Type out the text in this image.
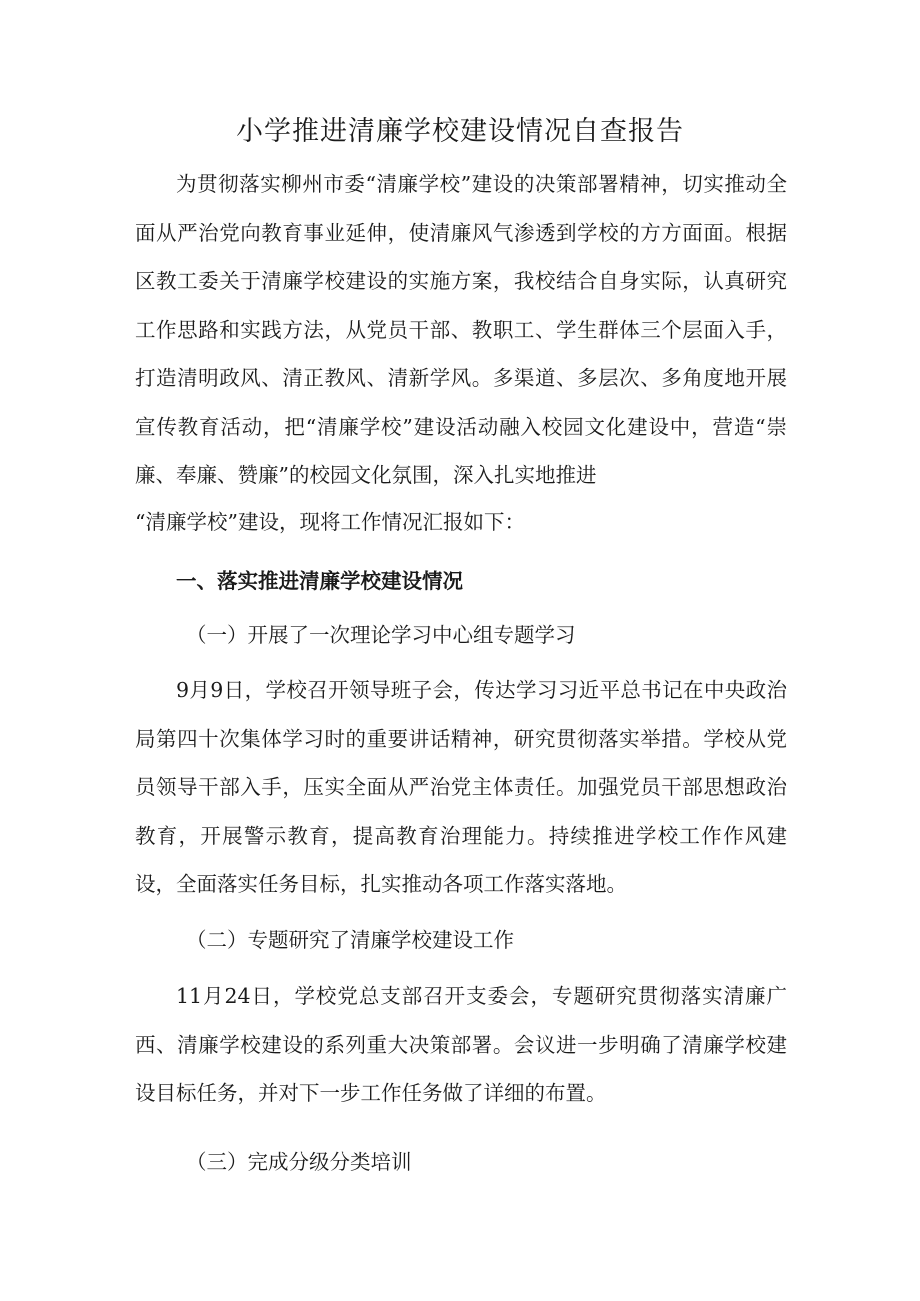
小学推进清廉学校建设情况自查报告

为贯彻落实柳州市委“清廉学校”建设的决策部署精神，切实推动全面从严治党向教育事业延伸，使清廉风气渗透到学校的方方面面。根据区教工委关于清廉学校建设的实施方案，我校结合自身实际，认真研究工作思路和实践方法，从党员干部、教职工、学生群体三个层面入手，打造清明政风、清正教风、清新学风。多渠道、多层次、多角度地开展宣传教育活动，把“清廉学校”建设活动融入校园文化建设中，营造“崇廉、奉廉、赞廉”的校园文化氛围，深入扎实地推进

“清廉学校”建设，现将工作情况汇报如下：
一、落实推进清廉学校建设情况
（一）开展了一次理论学习中心组专题学习

9月9日，学校召开领导班子会，传达学习习近平总书记在中央政治局第四十次集体学习时的重要讲话精神，研究贯彻落实举措。学校从党员领导干部入手，压实全面从严治党主体责任。加强党员干部思想政治教育，开展警示教育，提高教育治理能力。持续推进学校工作作风建设，全面落实任务目标，扎实推动各项工作落实落地。

（二）专题研究了清廉学校建设工作

11月24日，学校党总支部召开支委会，专题研究贯彻落实清廉广西、清廉学校建设的系列重大决策部署。会议进一步明确了清廉学校建设目标任务，并对下一步工作任务做了详细的布置。

（三）完成分级分类培训
